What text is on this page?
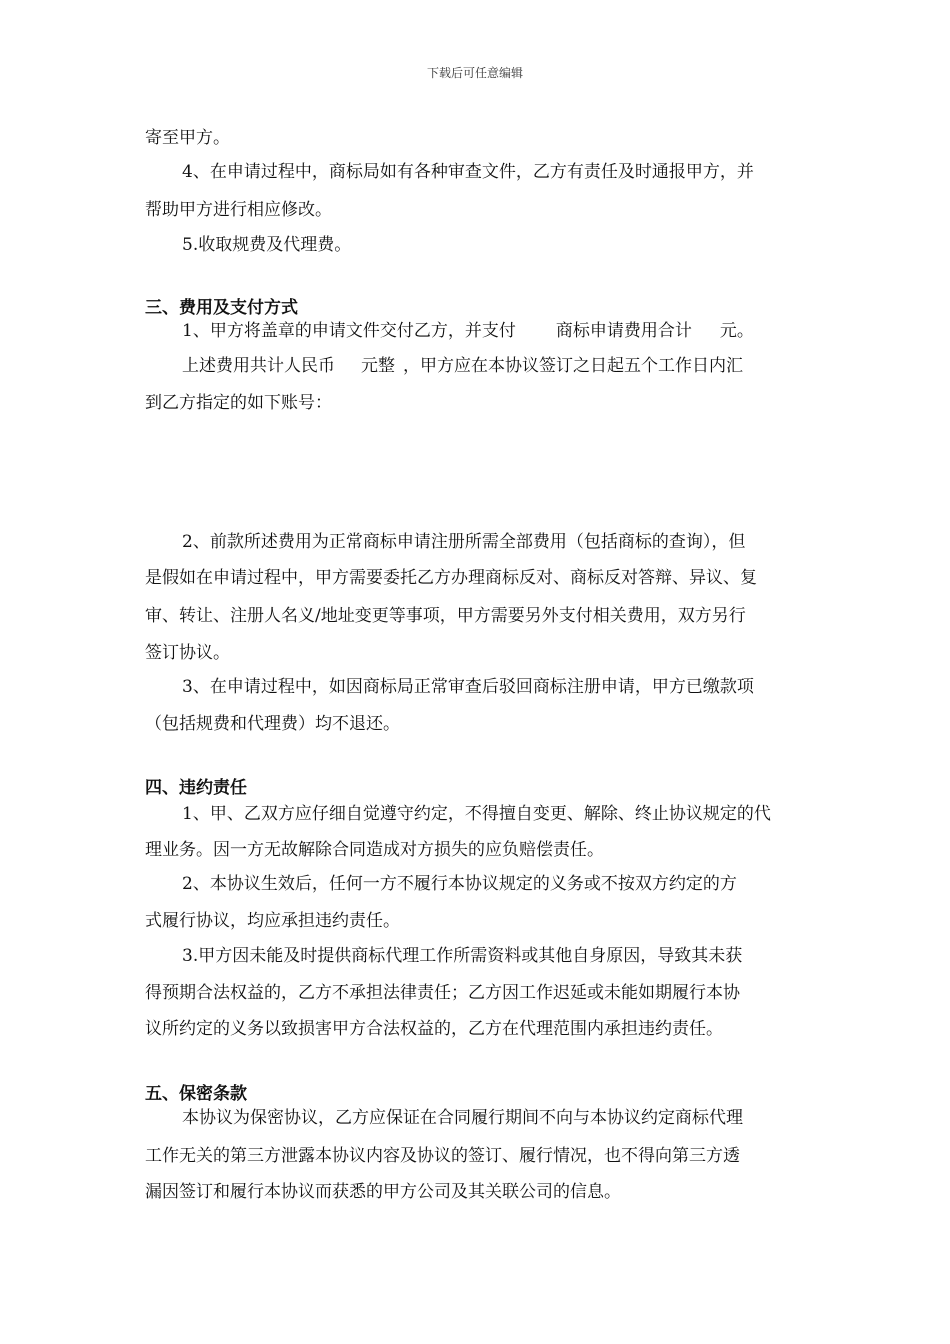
下载后可任意编辑
寄至甲方。
4、在申请过程中，商标局如有各种审查文件，乙方有责任及时通报甲方，并
帮助甲方进行相应修改。
5.收取规费及代理费。
三、费用及支付方式
1、甲方将盖章的申请文件交付乙方，并支付 商标申请费用合计 元。
上述费用共计人民币 元整 ，甲方应在本协议签订之日起五个工作日内汇
到乙方指定的如下账号：
2、前款所述费用为正常商标申请注册所需全部费用（包括商标的查询），但
是假如在申请过程中，甲方需要委托乙方办理商标反对、商标反对答辩、异议、复
审、转让、注册人名义/地址变更等事项，甲方需要另外支付相关费用，双方另行
签订协议。
3、在申请过程中，如因商标局正常审查后驳回商标注册申请，甲方已缴款项
（包括规费和代理费）均不退还。
四、违约责任
1、甲、乙双方应仔细自觉遵守约定，不得擅自变更、解除、终止协议规定的代
理业务。因一方无故解除合同造成对方损失的应负赔偿责任。
2、本协议生效后，任何一方不履行本协议规定的义务或不按双方约定的方
式履行协议，均应承担违约责任。
3.甲方因未能及时提供商标代理工作所需资料或其他自身原因，导致其未获
得预期合法权益的，乙方不承担法律责任；乙方因工作迟延或未能如期履行本协
议所约定的义务以致损害甲方合法权益的，乙方在代理范围内承担违约责任。
五、保密条款
本协议为保密协议，乙方应保证在合同履行期间不向与本协议约定商标代理
工作无关的第三方泄露本协议内容及协议的签订、履行情况，也不得向第三方透
漏因签订和履行本协议而获悉的甲方公司及其关联公司的信息。
